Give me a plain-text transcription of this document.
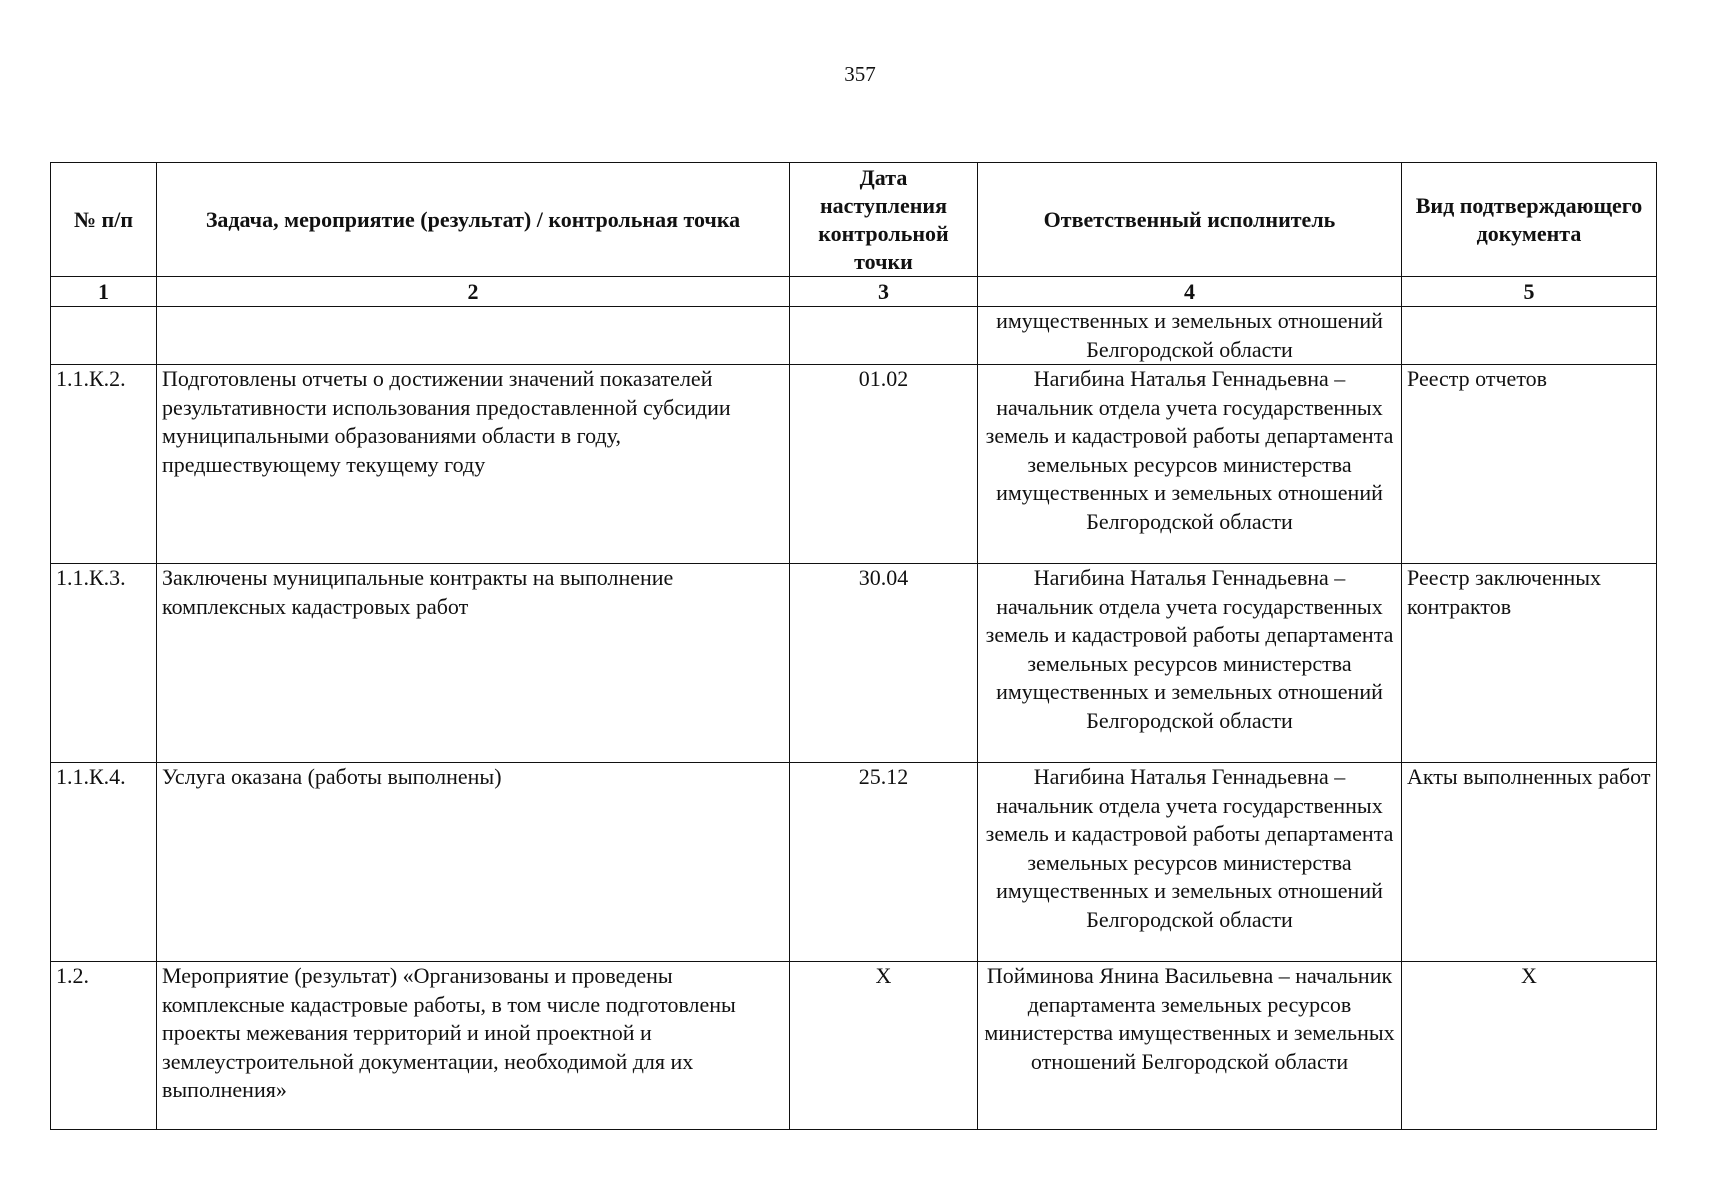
357
№ п/п	Задача, мероприятие (результат) / контрольная точка	Дата наступления контрольной точки	Ответственный исполнитель	Вид подтверждающего документа
1	2	3	4	5
			имущественных и земельных отношений Белгородской области	
1.1.К.2.	Подготовлены отчеты о достижении значений показателей результативности использования предоставленной субсидии муниципальными образованиями области в году, предшествующему текущему году	01.02	Нагибина Наталья Геннадьевна – начальник отдела учета государственных земель и кадастровой работы департамента земельных ресурсов министерства имущественных и земельных отношений Белгородской области	Реестр отчетов
1.1.К.3.	Заключены муниципальные контракты на выполнение комплексных кадастровых работ	30.04	Нагибина Наталья Геннадьевна – начальник отдела учета государственных земель и кадастровой работы департамента земельных ресурсов министерства имущественных и земельных отношений Белгородской области	Реестр заключенных контрактов
1.1.К.4.	Услуга оказана (работы выполнены)	25.12	Нагибина Наталья Геннадьевна – начальник отдела учета государственных земель и кадастровой работы департамента земельных ресурсов министерства имущественных и земельных отношений Белгородской области	Акты выполненных работ
1.2.	Мероприятие (результат) «Организованы и проведены комплексные кадастровые работы, в том числе подготовлены проекты межевания территорий и иной проектной и землеустроительной документации, необходимой для их выполнения»	Х	Пойминова Янина Васильевна – начальник департамента земельных ресурсов министерства имущественных и земельных отношений Белгородской области	Х
